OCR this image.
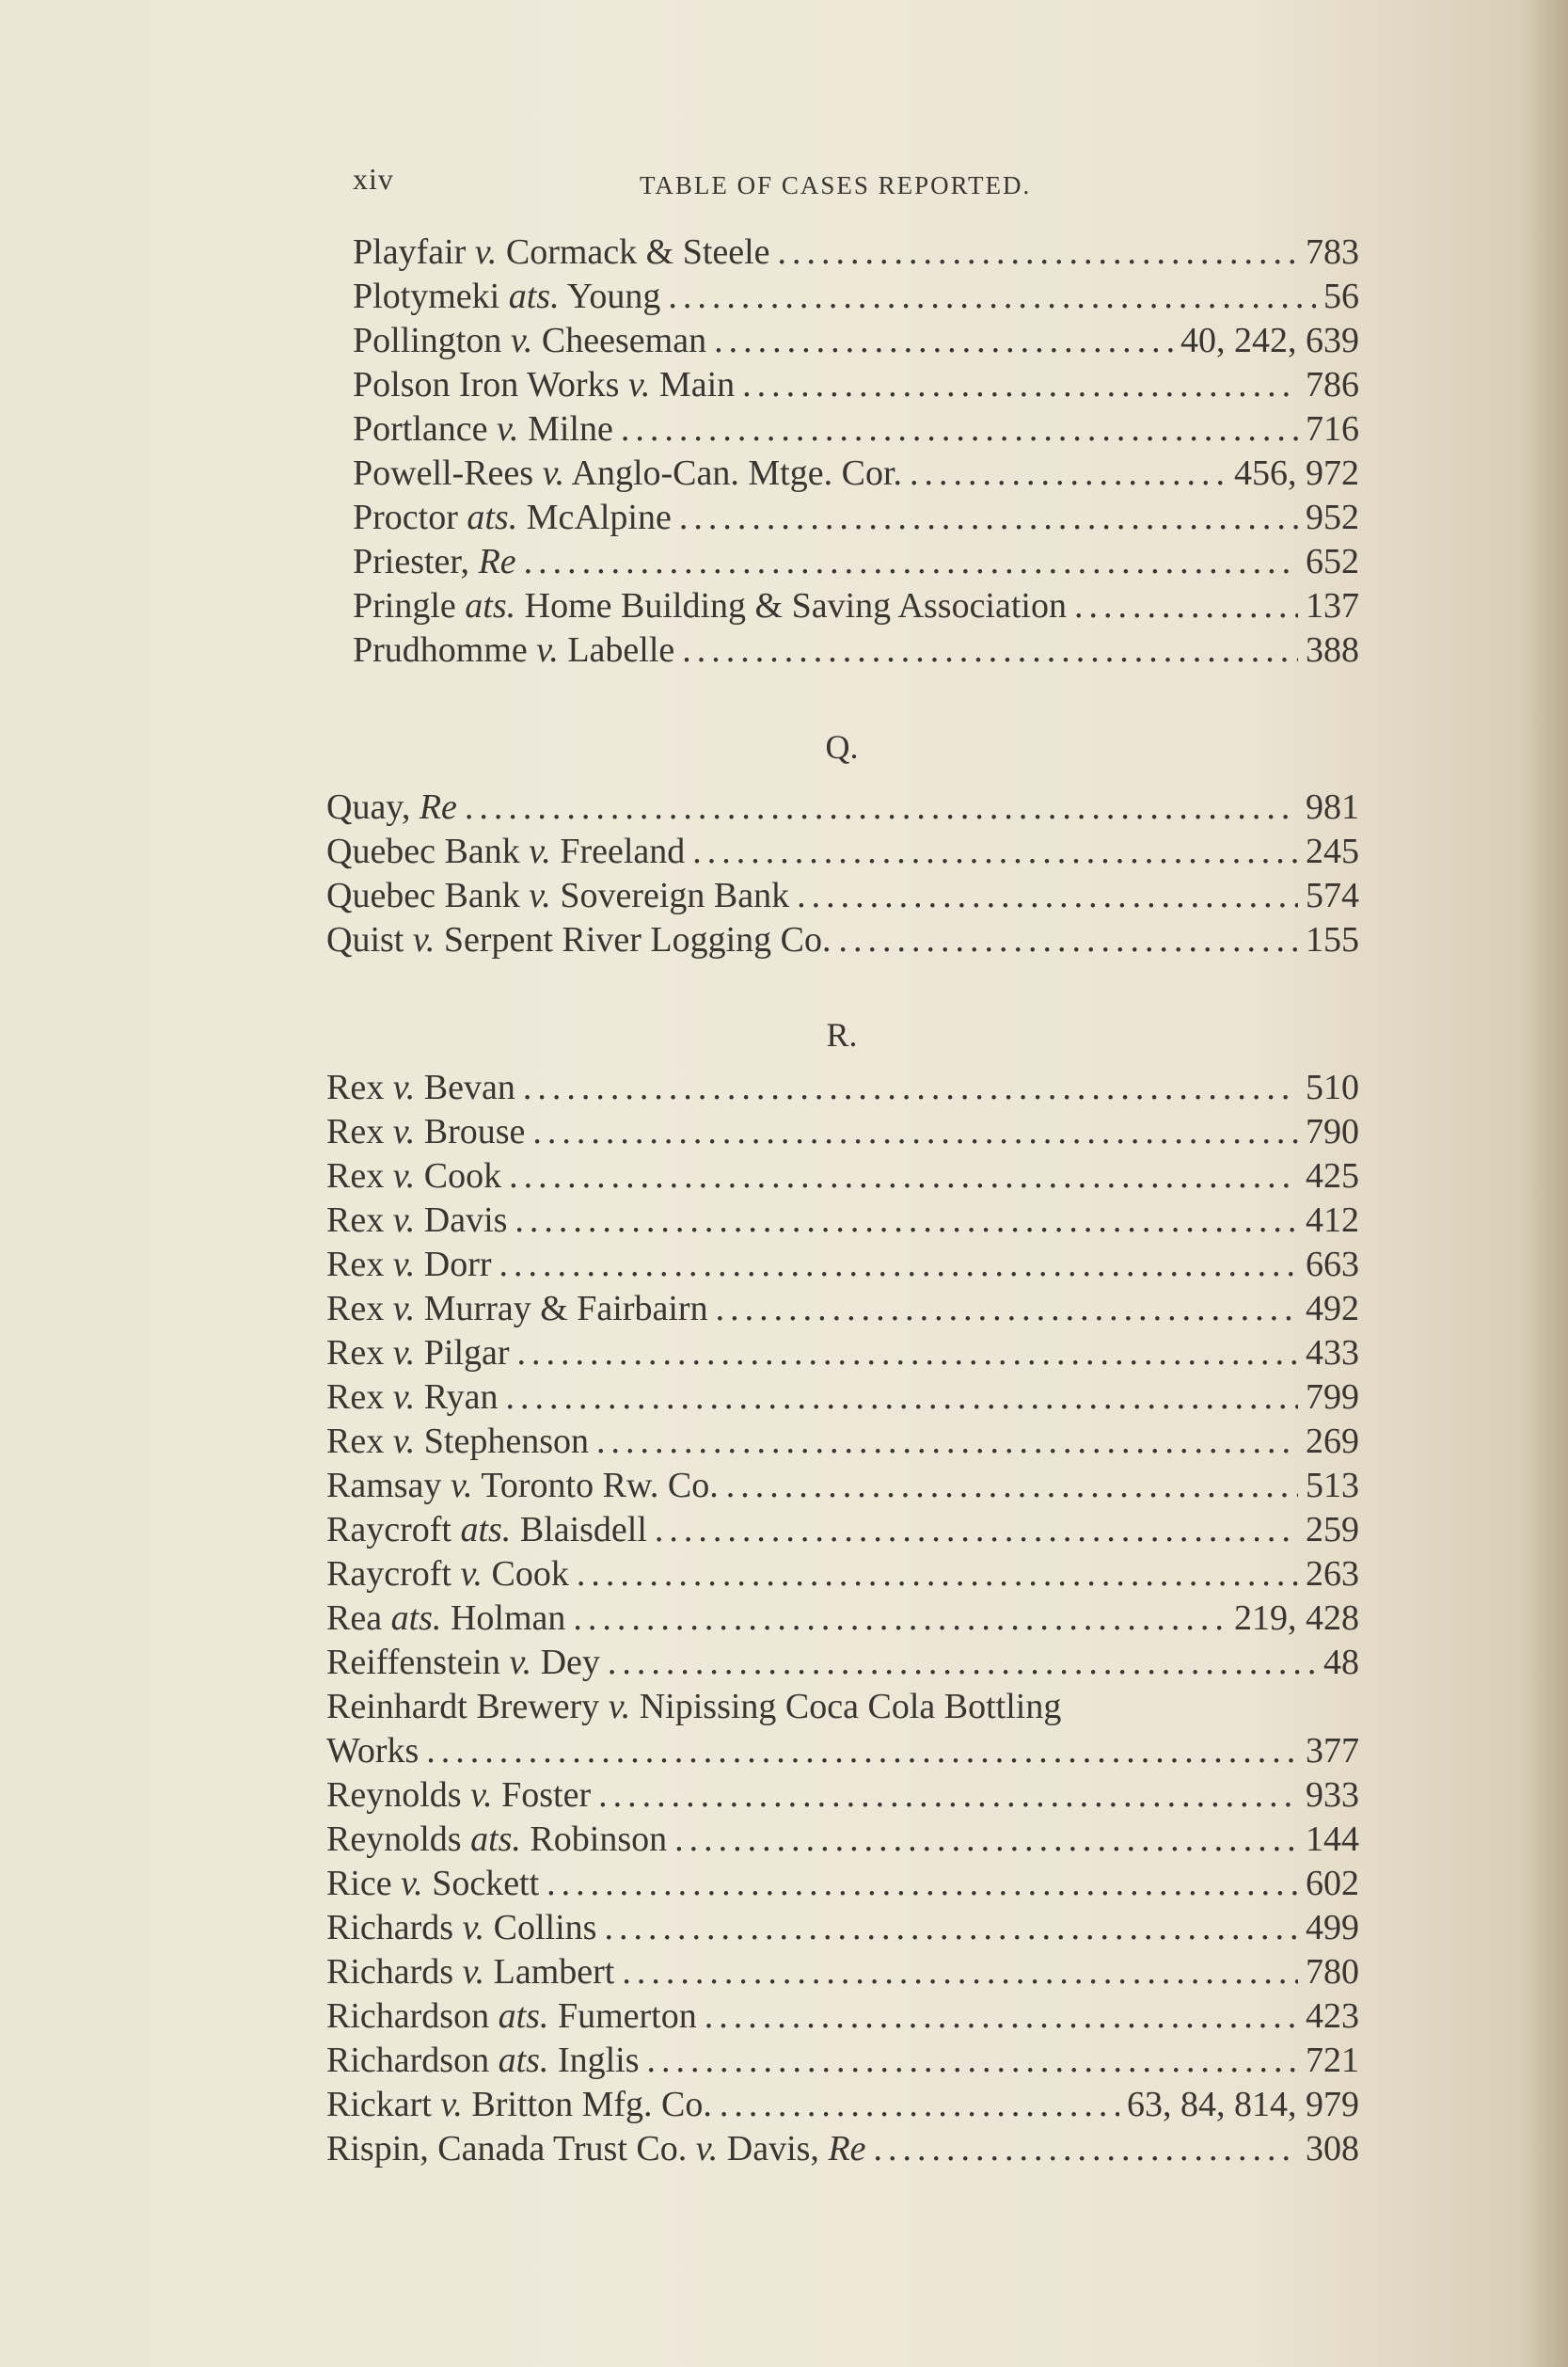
xiv	TABLE OF CASES REPORTED.
Playfair v. Cormack & Steele .....	783
Plotymeki ats. Young .....	56
Pollington v. Cheeseman .....	40, 242, 639
Polson Iron Works v. Main .....	786
Portlance v. Milne .....	716
Powell-Rees v. Anglo-Can. Mtge. Cor. .....	456, 972
Proctor ats. McAlpine .....	952
Priester, Re .....	652
Pringle ats. Home Building & Saving Association .....	137
Prudhomme v. Labelle .....	388
Q.
Quay, Re .....	981
Quebec Bank v. Freeland .....	245
Quebec Bank v. Sovereign Bank .....	574
Quist v. Serpent River Logging Co. .....	155
R.
Rex v. Bevan .....	510
Rex v. Brouse .....	790
Rex v. Cook .....	425
Rex v. Davis .....	412
Rex v. Dorr .....	663
Rex v. Murray & Fairbairn .....	492
Rex v. Pilgar .....	433
Rex v. Ryan .....	799
Rex v. Stephenson .....	269
Ramsay v. Toronto Rw. Co. .....	513
Raycroft ats. Blaisdell .....	259
Raycroft v. Cook .....	263
Rea ats. Holman .....	219, 428
Reiffenstein v. Dey .....	48
Reinhardt Brewery v. Nipissing Coca Cola Bottling
Works .....	377
Reynolds v. Foster .....	933
Reynolds ats. Robinson .....	144
Rice v. Sockett .....	602
Richards v. Collins .....	499
Richards v. Lambert .....	780
Richardson ats. Fumerton .....	423
Richardson ats. Inglis .....	721
Rickart v. Britton Mfg. Co. .....	63, 84, 814, 979
Rispin, Canada Trust Co. v. Davis, Re .....	308
